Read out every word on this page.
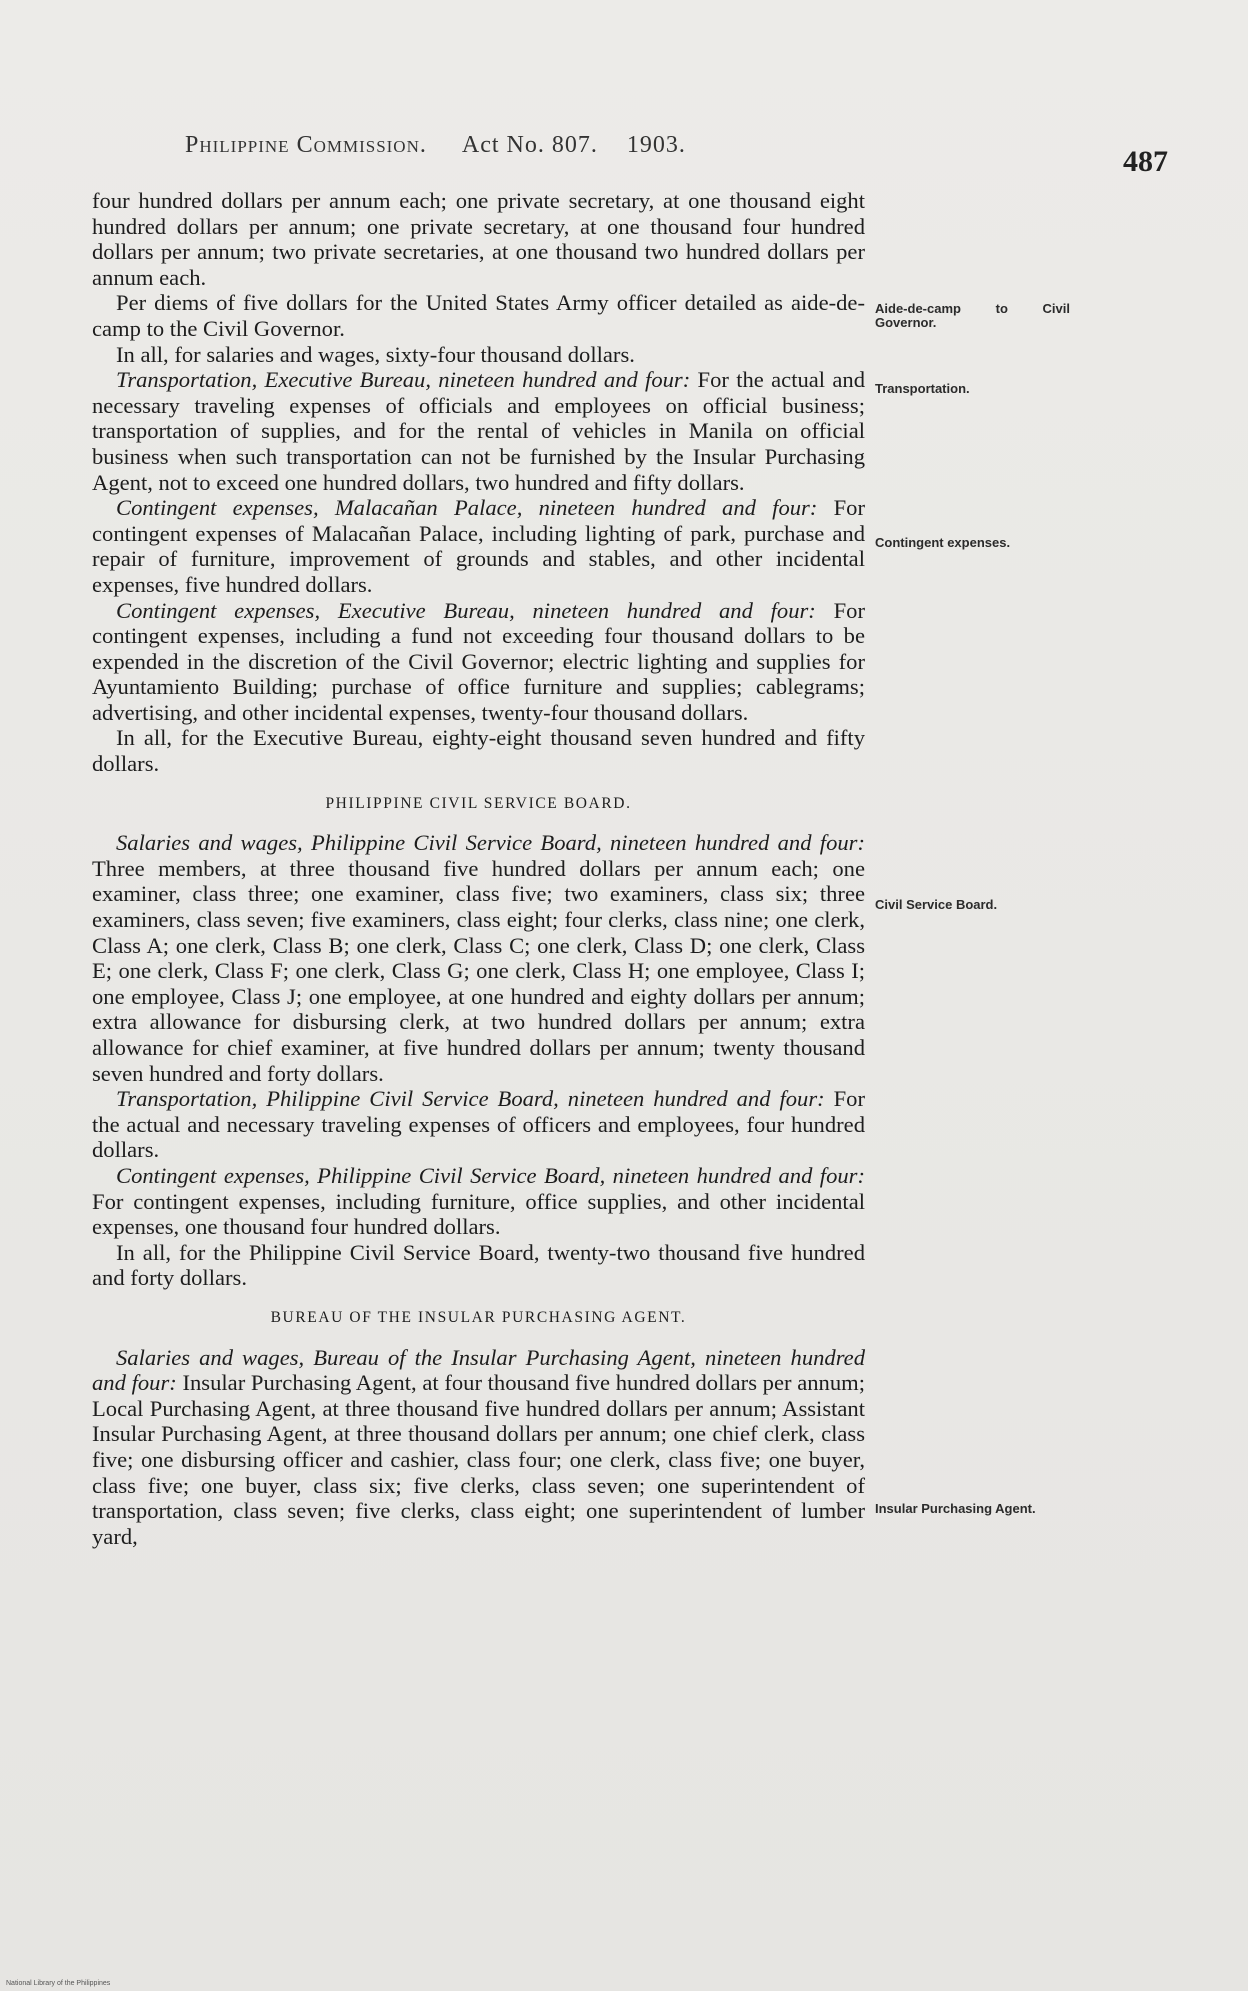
Philippine Commission. Act No. 807. 1903.	487

four hundred dollars per annum each; one private secretary, at one thousand eight hundred dollars per annum; one private secretary, at one thousand four hundred dollars per annum; two private secretaries, at one thousand two hundred dollars per annum each.

Per diems of five dollars for the United States Army officer detailed as aide-de-camp to the Civil Governor.

In all, for salaries and wages, sixty-four thousand dollars.

Transportation, Executive Bureau, nineteen hundred and four: For the actual and necessary traveling expenses of officials and employees on official business; transportation of supplies, and for the rental of vehicles in Manila on official business when such transportation can not be furnished by the Insular Purchasing Agent, not to exceed one hundred dollars, two hundred and fifty dollars.

Contingent expenses, Malacañan Palace, nineteen hundred and four: For contingent expenses of Malacañan Palace, including lighting of park, purchase and repair of furniture, improvement of grounds and stables, and other incidental expenses, five hundred dollars.

Contingent expenses, Executive Bureau, nineteen hundred and four: For contingent expenses, including a fund not exceeding four thousand dollars to be expended in the discretion of the Civil Governor; electric lighting and supplies for Ayuntamiento Building; purchase of office furniture and supplies; cablegrams; advertising, and other incidental expenses, twenty-four thousand dollars.

In all, for the Executive Bureau, eighty-eight thousand seven hundred and fifty dollars.

PHILIPPINE CIVIL SERVICE BOARD.

Salaries and wages, Philippine Civil Service Board, nineteen hundred and four: Three members, at three thousand five hundred dollars per annum each; one examiner, class three; one examiner, class five; two examiners, class six; three examiners, class seven; five examiners, class eight; four clerks, class nine; one clerk, Class A; one clerk, Class B; one clerk, Class C; one clerk, Class D; one clerk, Class E; one clerk, Class F; one clerk, Class G; one clerk, Class H; one employee, Class I; one employee, Class J; one employee, at one hundred and eighty dollars per annum; extra allowance for disbursing clerk, at two hundred dollars per annum; extra allowance for chief examiner, at five hundred dollars per annum; twenty thousand seven hundred and forty dollars.

Transportation, Philippine Civil Service Board, nineteen hundred and four: For the actual and necessary traveling expenses of officers and employees, four hundred dollars.

Contingent expenses, Philippine Civil Service Board, nineteen hundred and four: For contingent expenses, including furniture, office supplies, and other incidental expenses, one thousand four hundred dollars.

In all, for the Philippine Civil Service Board, twenty-two thousand five hundred and forty dollars.

BUREAU OF THE INSULAR PURCHASING AGENT.

Salaries and wages, Bureau of the Insular Purchasing Agent, nineteen hundred and four: Insular Purchasing Agent, at four thousand five hundred dollars per annum; Local Purchasing Agent, at three thousand five hundred dollars per annum; Assistant Insular Purchasing Agent, at three thousand dollars per annum; one chief clerk, class five; one disbursing officer and cashier, class four; one clerk, class five; one buyer, class five; one buyer, class six; five clerks, class seven; one superintendent of transportation, class seven; five clerks, class eight; one superintendent of lumber yard,

Aide-de-camp to Civil Governor.
Transportation.
Contingent expenses.
Civil Service Board.
Insular Purchasing Agent.
National Library of the Philippines
